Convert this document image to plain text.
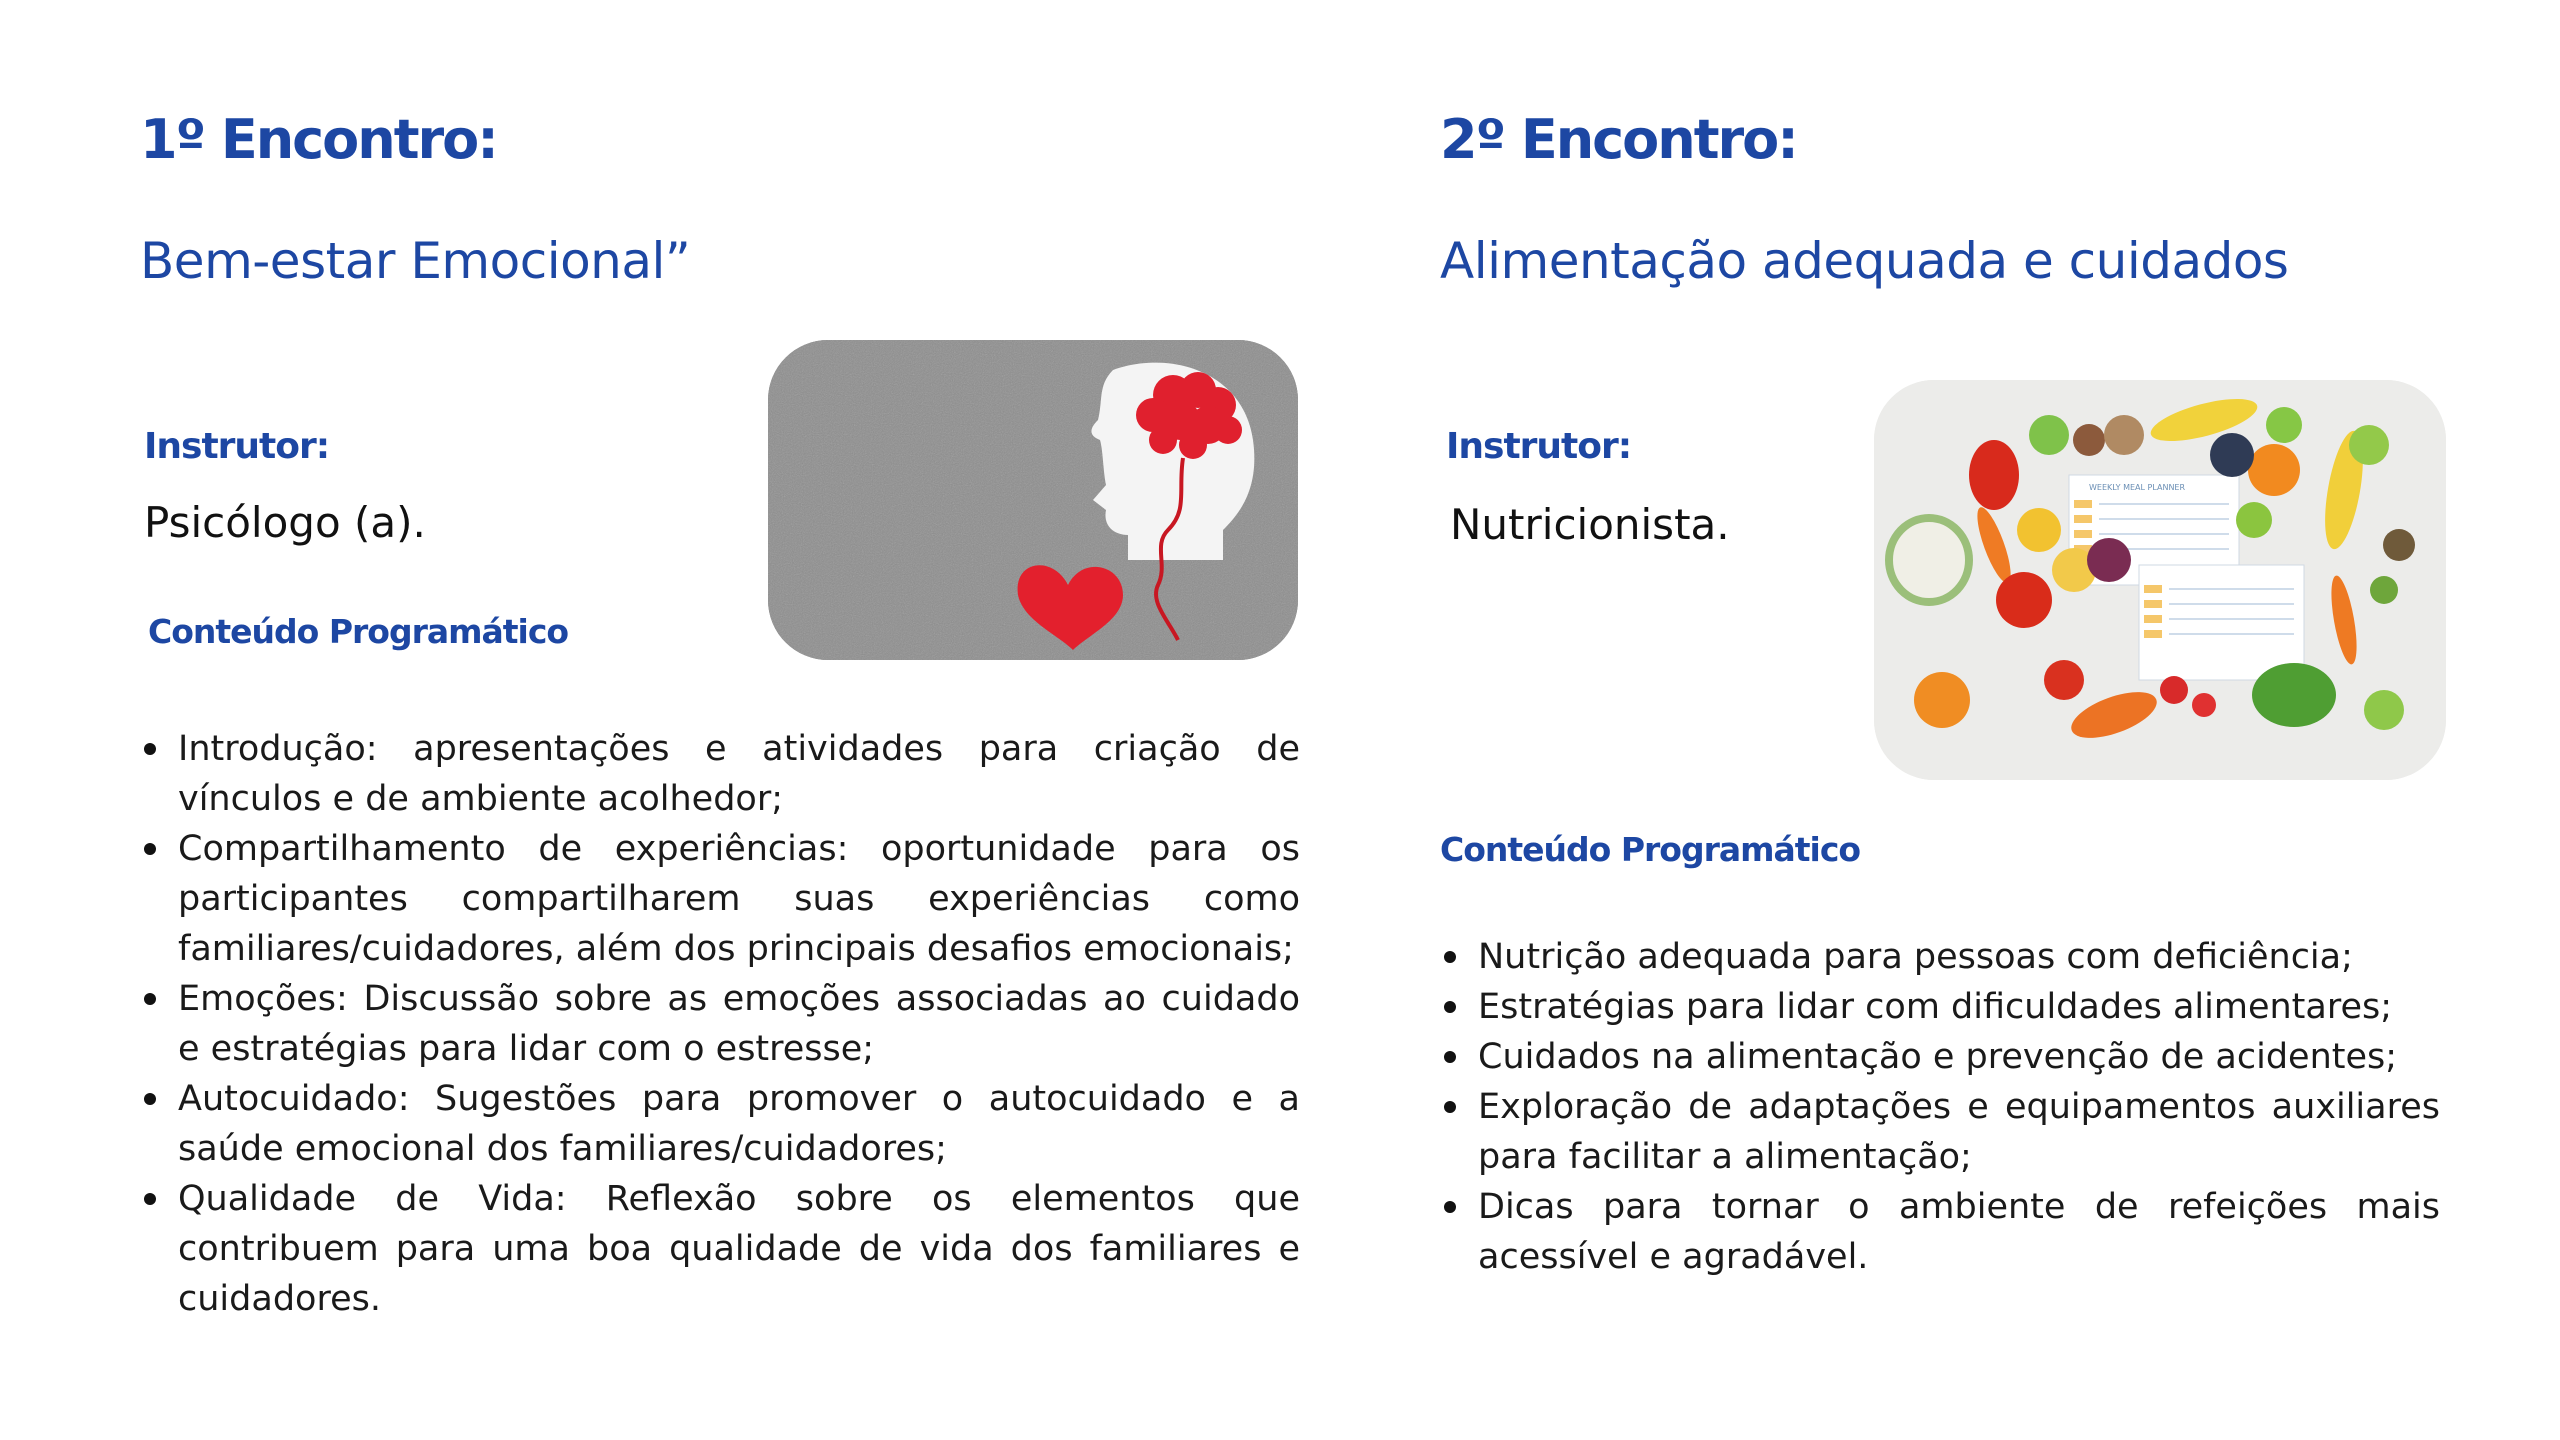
1º Encontro:
Bem-estar Emocional”
Instrutor:

Psicólogo (a).

Conteúdo Programático
Introdução: apresentações e atividades para criação de vínculos e de ambiente acolhedor;
Compartilhamento de experiências: oportunidade para os participantes compartilharem suas experiências como familiares/cuidadores, além dos principais desafios emocionais;
Emoções: Discussão sobre as emoções associadas ao cuidado e estratégias para lidar com o estresse;
Autocuidado: Sugestões para promover o autocuidado e a saúde emocional dos familiares/cuidadores;
Qualidade de Vida: Reflexão sobre os elementos que contribuem para uma boa qualidade de vida dos familiares e cuidadores.
2º Encontro:
Alimentação adequada e cuidados
Instrutor:

Nutricionista.

WEEKLY MEAL PLANNER
Conteúdo Programático
Nutrição adequada para pessoas com deficiência;
Estratégias para lidar com dificuldades alimentares;
Cuidados na alimentação e prevenção de acidentes;
Exploração de adaptações e equipamentos auxiliares para facilitar a alimentação;
Dicas para tornar o ambiente de refeições mais acessível e agradável.
